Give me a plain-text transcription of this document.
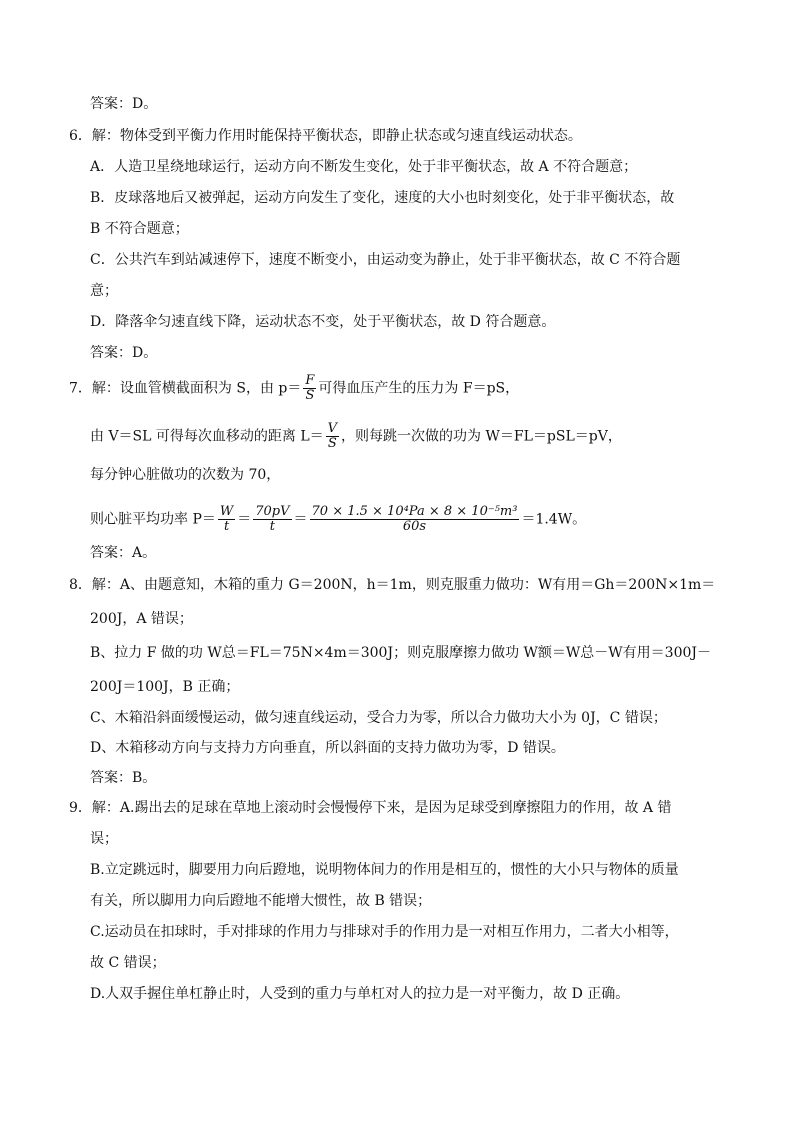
答案：D。
6．解：物体受到平衡力作用时能保持平衡状态，即静止状态或匀速直线运动状态。
A．人造卫星绕地球运行，运动方向不断发生变化，处于非平衡状态，故 A 不符合题意；
B．皮球落地后又被弹起，运动方向发生了变化，速度的大小也时刻变化，处于非平衡状态，故
B 不符合题意；
C．公共汽车到站减速停下，速度不断变小，由运动变为静止，处于非平衡状态，故 C 不符合题
意；
D．降落伞匀速直线下降，运动状态不变，处于平衡状态，故 D 符合题意。
答案：D。
7．解：设血管横截面积为 S，由 $p= \frac{F}{S}$ 可得血压产生的压力为 F＝pS，
由 V＝SL 可得每次血移动的距离 $L= \frac{V}{S}$ ，则每跳一次做的功为 W＝FL＝pSL＝pV，
每分钟心脏做功的次数为 70，
则心脏平均功率 $P= \frac{W}{t} = \frac{70pV}{t} = \frac{\text{70 × 1.5 × 10⁴Pa × 8 × 10⁻⁵m³}}{60s} =1.4W$。
答案：A。
8．解：A、由题意知，木箱的重力 G＝200N，h＝1m，则克服重力做功：W有用＝Gh＝200N×1m＝
200J，A 错误；
B、拉力 F 做的功 W总＝FL＝75N×4m＝300J；则克服摩擦力做功 W额＝W总－W有用＝300J－
200J＝100J，B 正确；
C、木箱沿斜面缓慢运动，做匀速直线运动，受合力为零，所以合力做功大小为 0J，C 错误；
D、木箱移动方向与支持力方向垂直，所以斜面的支持力做功为零，D 错误。
答案：B。
9．解：A.踢出去的足球在草地上滚动时会慢慢停下来，是因为足球受到摩擦阻力的作用，故 A 错
误；
B.立定跳远时，脚要用力向后蹬地，说明物体间力的作用是相互的，惯性的大小只与物体的质量
有关，所以脚用力向后蹬地不能增大惯性，故 B 错误；
C.运动员在扣球时，手对排球的作用力与排球对手的作用力是一对相互作用力，二者大小相等，
故 C 错误；
D.人双手握住单杠静止时，人受到的重力与单杠对人的拉力是一对平衡力，故 D 正确。
